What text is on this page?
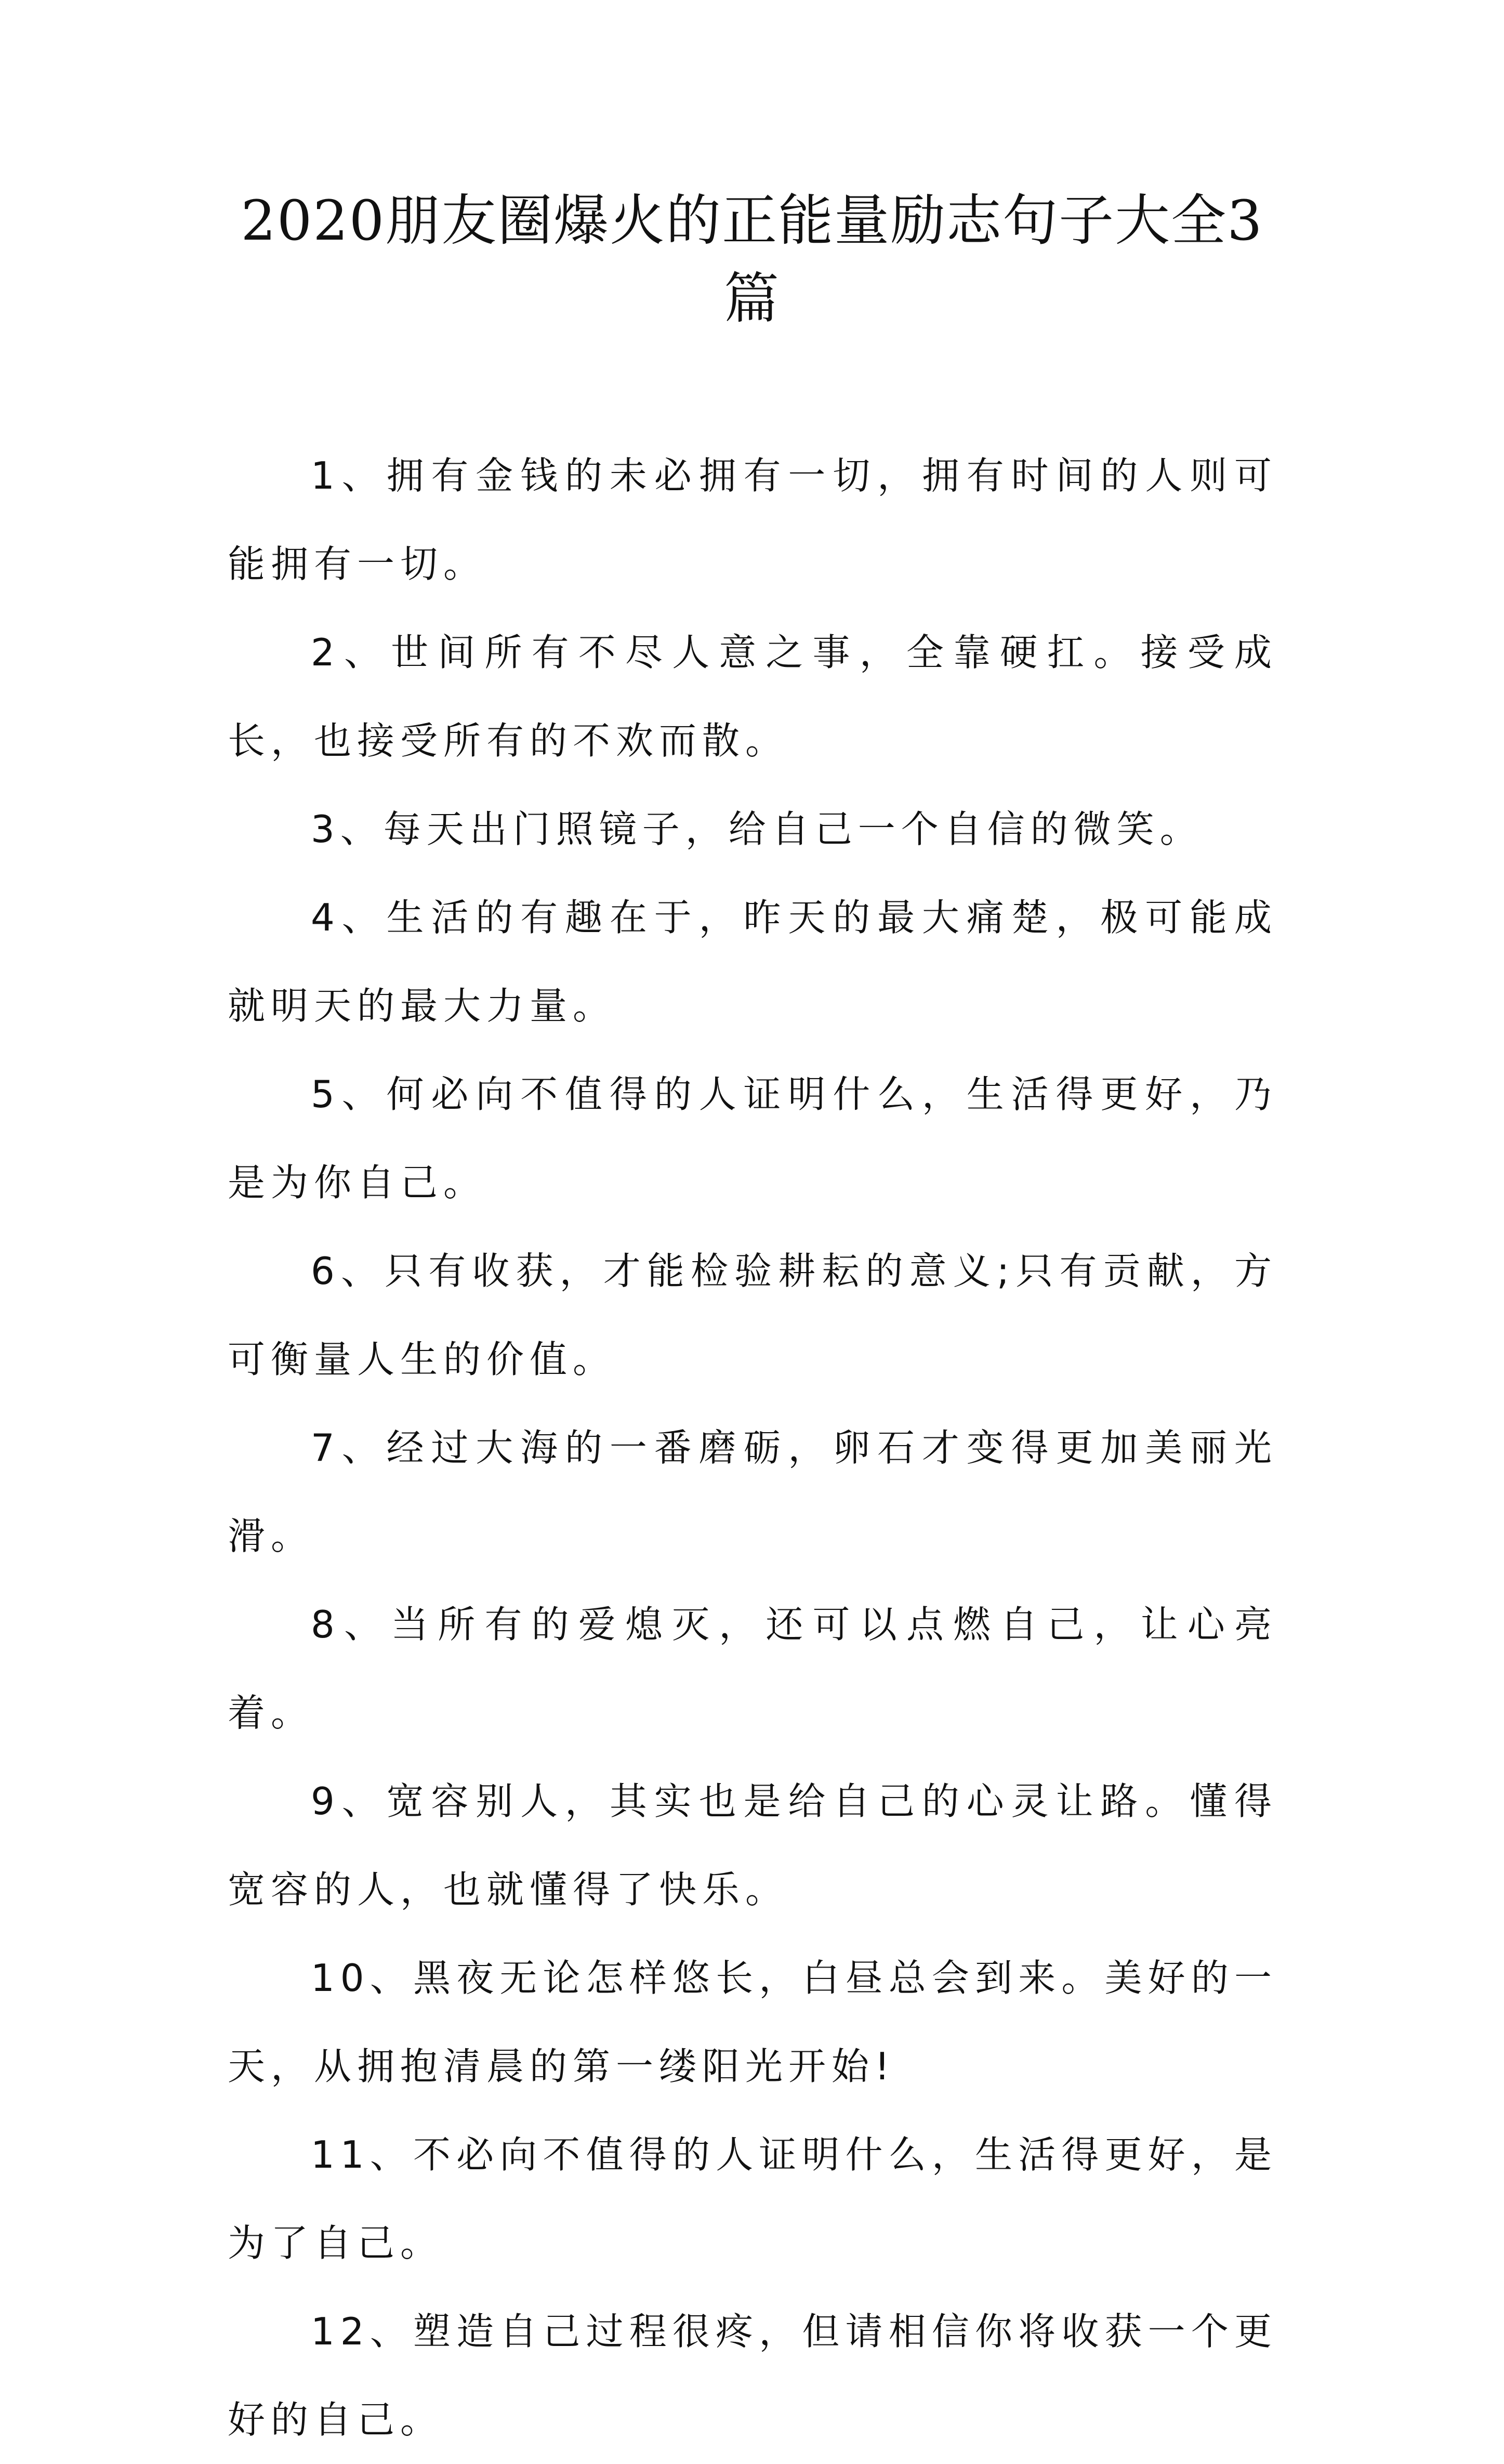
2020朋友圈爆火的正能量励志句子大全3篇

1、拥有金钱的未必拥有一切，拥有时间的人则可能拥有一切。

2、世间所有不尽人意之事，全靠硬扛。接受成长，也接受所有的不欢而散。

3、每天出门照镜子，给自己一个自信的微笑。

4、生活的有趣在于，昨天的最大痛楚，极可能成就明天的最大力量。

5、何必向不值得的人证明什么，生活得更好，乃是为你自己。

6、只有收获，才能检验耕耘的意义;只有贡献，方可衡量人生的价值。

7、经过大海的一番磨砺，卵石才变得更加美丽光滑。

8、当所有的爱熄灭，还可以点燃自己，让心亮着。

9、宽容别人，其实也是给自己的心灵让路。懂得宽容的人，也就懂得了快乐。

10、黑夜无论怎样悠长，白昼总会到来。美好的一天，从拥抱清晨的第一缕阳光开始!

11、不必向不值得的人证明什么，生活得更好，是为了自己。

12、塑造自己过程很疼，但请相信你将收获一个更好的自己。
